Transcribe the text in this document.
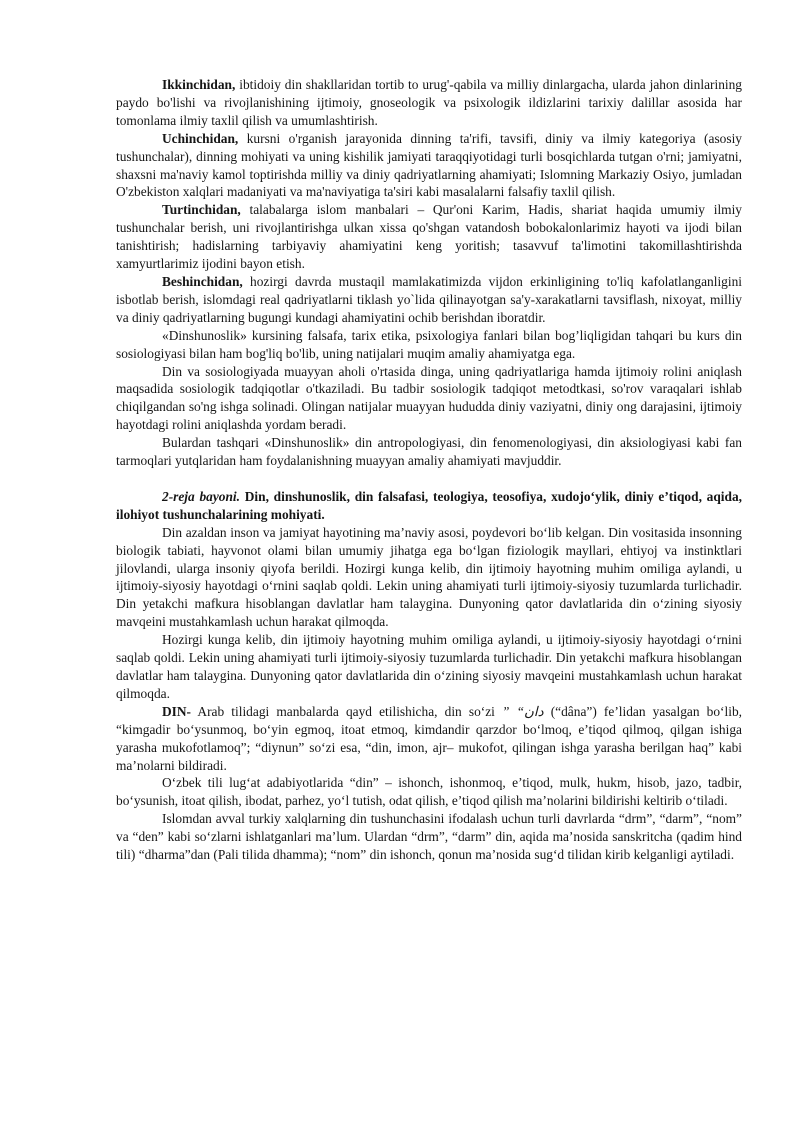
Ikkinchidan, ibtidoiy din shakllaridan tortib to urug'-qabila va milliy dinlargacha, ularda jahon dinlarining paydo bo'lishi va rivojlanishining ijtimoiy, gnoseologik va psixologik ildizlarini tarixiy dalillar asosida har tomonlama ilmiy taxlil qilish va umumlashtirish.

Uchinchidan, kursni o'rganish jarayonida dinning ta'rifi, tavsifi, diniy va ilmiy kategoriya (asosiy tushunchalar), dinning mohiyati va uning kishilik jamiyati taraqqiyotidagi turli bosqichlarda tutgan o'rni; jamiyatni, shaxsni ma'naviy kamol toptirishda milliy va diniy qadriyatlarning ahamiyati; Islomning Markaziy Osiyo, jumladan O'zbekiston xalqlari madaniyati va ma'naviyatiga ta'siri kabi masalalarni falsafiy taxlil qilish.

Turtinchidan, talabalarga islom manbalari – Qur'oni Karim, Hadis, shariat haqida umumiy ilmiy tushunchalar berish, uni rivojlantirishga ulkan xissa qo'shgan vatandosh bobokalonlarimiz hayoti va ijodi bilan tanishtirish; hadislarning tarbiyaviy ahamiyatini keng yoritish; tasavvuf ta'limotini takomillashtirishda xamyurtlarimiz ijodini bayon etish.

Beshinchidan, hozirgi davrda mustaqil mamlakatimizda vijdon erkinligining to'liq kafolatlanganligini isbotlab berish, islomdagi real qadriyatlarni tiklash yo`lida qilinayotgan sa'y-xarakatlarni tavsiflash, nixoyat, milliy va diniy qadriyatlarning bugungi kundagi ahamiyatini ochib berishdan iboratdir.

«Dinshunoslik» kursining falsafa, tarix etika, psixologiya fanlari bilan bog’liqligidan tahqari bu kurs din sosiologiyasi bilan ham bog'liq bo'lib, uning natijalari muqim amaliy ahamiyatga ega.

Din va sosiologiyada muayyan aholi o'rtasida dinga, uning qadriyatlariga hamda ijtimoiy rolini aniqlash maqsadida sosiologik tadqiqotlar o'tkaziladi. Bu tadbir sosiologik tadqiqot metodtkasi, so'rov varaqalari ishlab chiqilgandan so'ng ishga solinadi. Olingan natijalar muayyan hududda diniy vaziyatni, diniy ong darajasini, ijtimoiy hayotdagi rolini aniqlashda yordam beradi.

Bulardan tashqari «Dinshunoslik» din antropologiyasi, din fenomenologiyasi, din aksiologiyasi kabi fan tarmoqlari yutqlaridan ham foydalanishning muayyan amaliy ahamiyati mavjuddir.

2-reja bayoni. Din, dinshunoslik, din falsafasi, teologiya, teosofiya, xudojo‘ylik, diniy e’tiqod, aqida, ilohiyot tushunchalarining mohiyati.

Din azaldan inson va jamiyat hayotining ma’naviy asosi, poydevori bo‘lib kelgan. Din vositasida insonning biologik tabiati, hayvonot olami bilan umumiy jihatga ega bo‘lgan fiziologik mayllari, ehtiyoj va instinktlari jilovlandi, ularga insoniy qiyofa berildi. Hozirgi kunga kelib, din ijtimoiy hayotning muhim omiliga aylandi, u ijtimoiy-siyosiy hayotdagi o‘rnini saqlab qoldi. Lekin uning ahamiyati turli ijtimoiy-siyosiy tuzumlarda turlichadir. Din yetakchi mafkura hisoblangan davlatlar ham talaygina. Dunyoning qator davlatlarida din o‘zining siyosiy mavqeini mustahkamlash uchun harakat qilmoqda.

Hozirgi kunga kelib, din ijtimoiy hayotning muhim omiliga aylandi, u ijtimoiy-siyosiy hayotdagi o‘rnini saqlab qoldi. Lekin uning ahamiyati turli ijtimoiy-siyosiy tuzumlarda turlichadir. Din yetakchi mafkura hisoblangan davlatlar ham talaygina. Dunyoning qator davlatlarida din o‘zining siyosiy mavqeini mustahkamlash uchun harakat qilmoqda.

DIN- Arab tilidagi manbalarda qayd etilishicha, din so‘zi دان“ ” (“dâna”) fe’lidan yasalgan bo‘lib, “kimgadir bo‘ysunmoq, bo‘yin egmoq, itoat etmoq, kimdandir qarzdor bo‘lmoq, e’tiqod qilmoq, qilgan ishiga yarasha mukofotlamoq”; “diynun” so‘zi esa, “din, imon, ajr– mukofot, qilingan ishga yarasha berilgan haq” kabi ma’nolarni bildiradi.

O‘zbek tili lug‘at adabiyotlarida “din” – ishonch, ishonmoq, e’tiqod, mulk, hukm, hisob, jazo, tadbir, bo‘ysunish, itoat qilish, ibodat, parhez, yo‘l tutish, odat qilish, e’tiqod qilish ma’nolarini bildirishi keltirib o‘tiladi.

Islomdan avval turkiy xalqlarning din tushunchasini ifodalash uchun turli davrlarda “drm”, “darm”, “nom” va “den” kabi so‘zlarni ishlatganlari ma’lum. Ulardan “drm”, “darm” din, aqida ma’nosida sanskritcha (qadim hind tili) “dharma”dan (Pali tilida dhamma); “nom” din ishonch, qonun ma’nosida sug‘d tilidan kirib kelganligi aytiladi.
